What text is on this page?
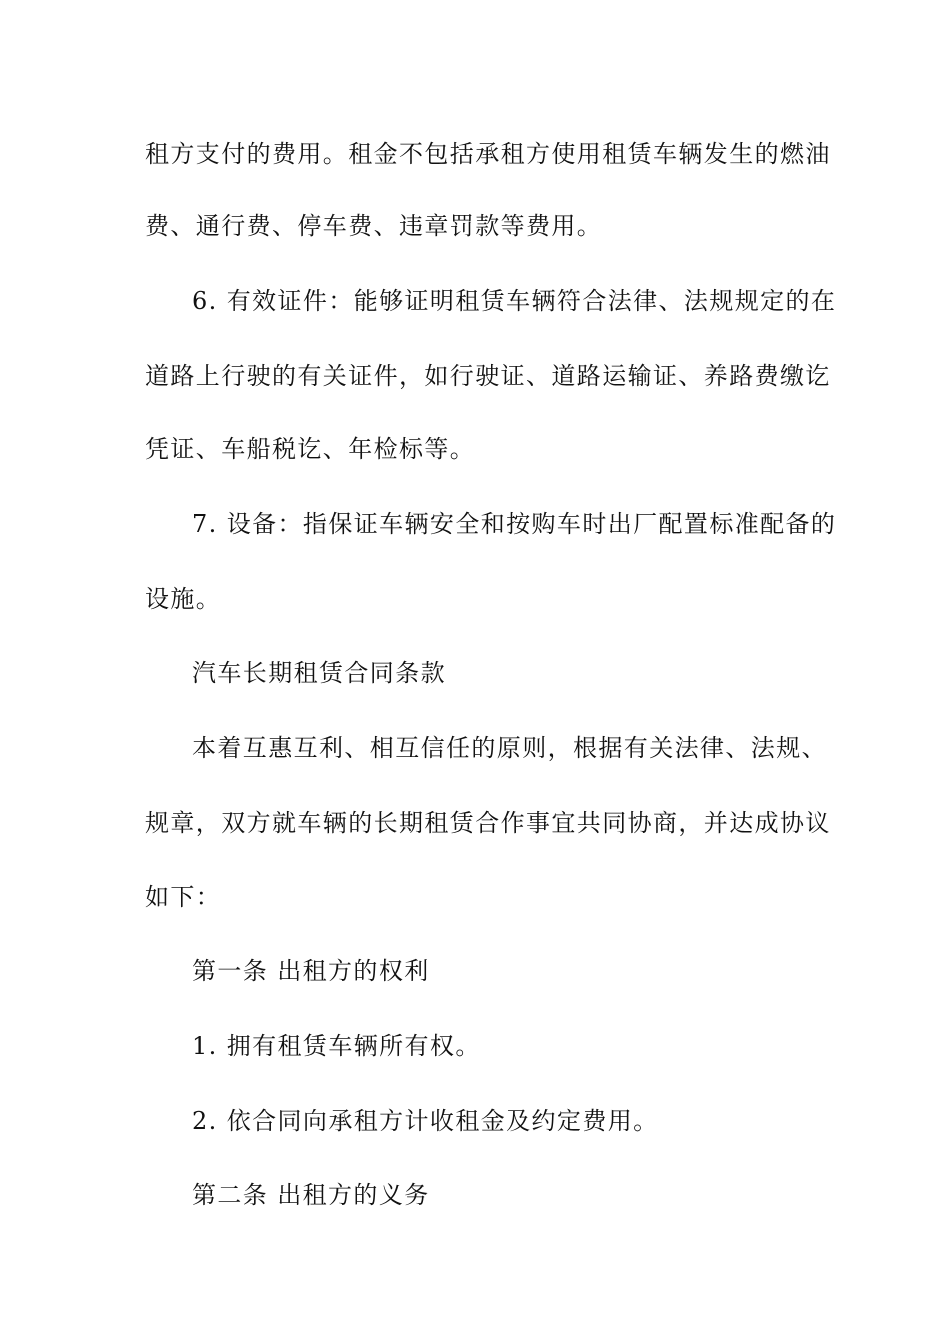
租方支付的费用。租金不包括承租方使用租赁车辆发生的燃油
费、通行费、停车费、违章罚款等费用。
6. 有效证件：能够证明租赁车辆符合法律、法规规定的在
道路上行驶的有关证件，如行驶证、道路运输证、养路费缴讫
凭证、车船税讫、年检标等。
7. 设备：指保证车辆安全和按购车时出厂配置标准配备的
设施。
汽车长期租赁合同条款
本着互惠互利、相互信任的原则，根据有关法律、法规、
规章，双方就车辆的长期租赁合作事宜共同协商，并达成协议
如下：
第一条 出租方的权利
1. 拥有租赁车辆所有权。
2. 依合同向承租方计收租金及约定费用。
第二条 出租方的义务
